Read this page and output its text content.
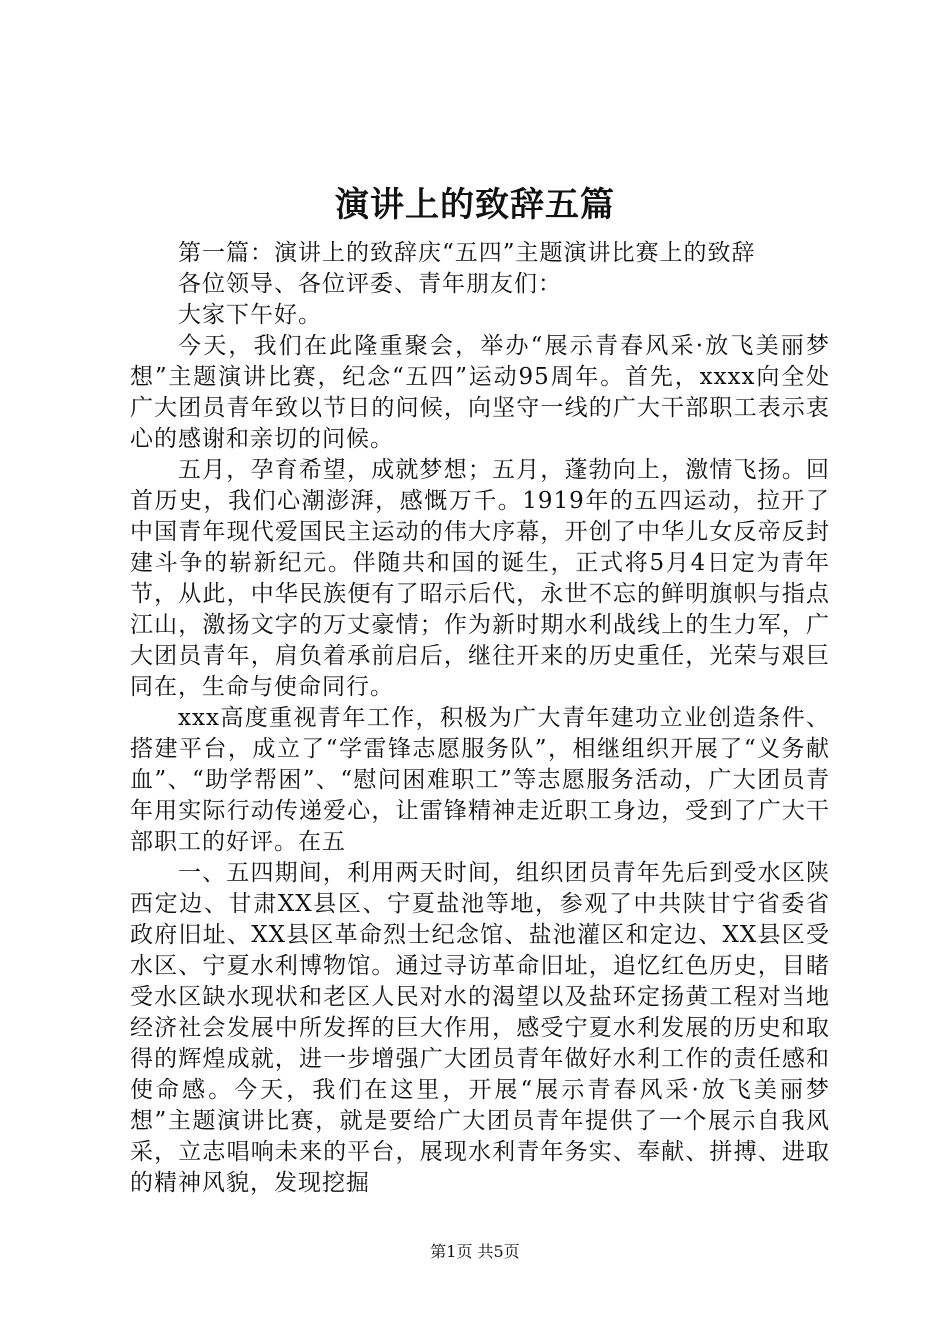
演讲上的致辞五篇

第一篇：演讲上的致辞庆“五四”主题演讲比赛上的致辞

各位领导、各位评委、青年朋友们：

大家下午好。

今天，我们在此隆重聚会，举办“展示青春风采·放飞美丽梦想”主题演讲比赛，纪念“五四”运动95周年。首先，xxxx向全处广大团员青年致以节日的问候，向坚守一线的广大干部职工表示衷心的感谢和亲切的问候。

五月，孕育希望，成就梦想；五月，蓬勃向上，激情飞扬。回首历史，我们心潮澎湃，感慨万千。1919年的五四运动，拉开了中国青年现代爱国民主运动的伟大序幕，开创了中华儿女反帝反封建斗争的崭新纪元。伴随共和国的诞生，正式将5月4日定为青年节，从此，中华民族便有了昭示后代，永世不忘的鲜明旗帜与指点江山，激扬文字的万丈豪情；作为新时期水利战线上的生力军，广大团员青年，肩负着承前启后，继往开来的历史重任，光荣与艰巨同在，生命与使命同行。

xxx高度重视青年工作，积极为广大青年建功立业创造条件、搭建平台，成立了“学雷锋志愿服务队”，相继组织开展了“义务献血”、“助学帮困”、“慰问困难职工”等志愿服务活动，广大团员青年用实际行动传递爱心，让雷锋精神走近职工身边，受到了广大干部职工的好评。在五

一、五四期间，利用两天时间，组织团员青年先后到受水区陕西定边、甘肃XX县区、宁夏盐池等地，参观了中共陕甘宁省委省政府旧址、XX县区革命烈士纪念馆、盐池灌区和定边、XX县区受水区、宁夏水利博物馆。通过寻访革命旧址，追忆红色历史，目睹受水区缺水现状和老区人民对水的渴望以及盐环定扬黄工程对当地经济社会发展中所发挥的巨大作用，感受宁夏水利发展的历史和取得的辉煌成就，进一步增强广大团员青年做好水利工作的责任感和使命感。今天，我们在这里，开展“展示青春风采·放飞美丽梦想”主题演讲比赛，就是要给广大团员青年提供了一个展示自我风采，立志唱响未来的平台，展现水利青年务实、奉献、拼搏、进取的精神风貌，发现挖掘

第1页 共5页
